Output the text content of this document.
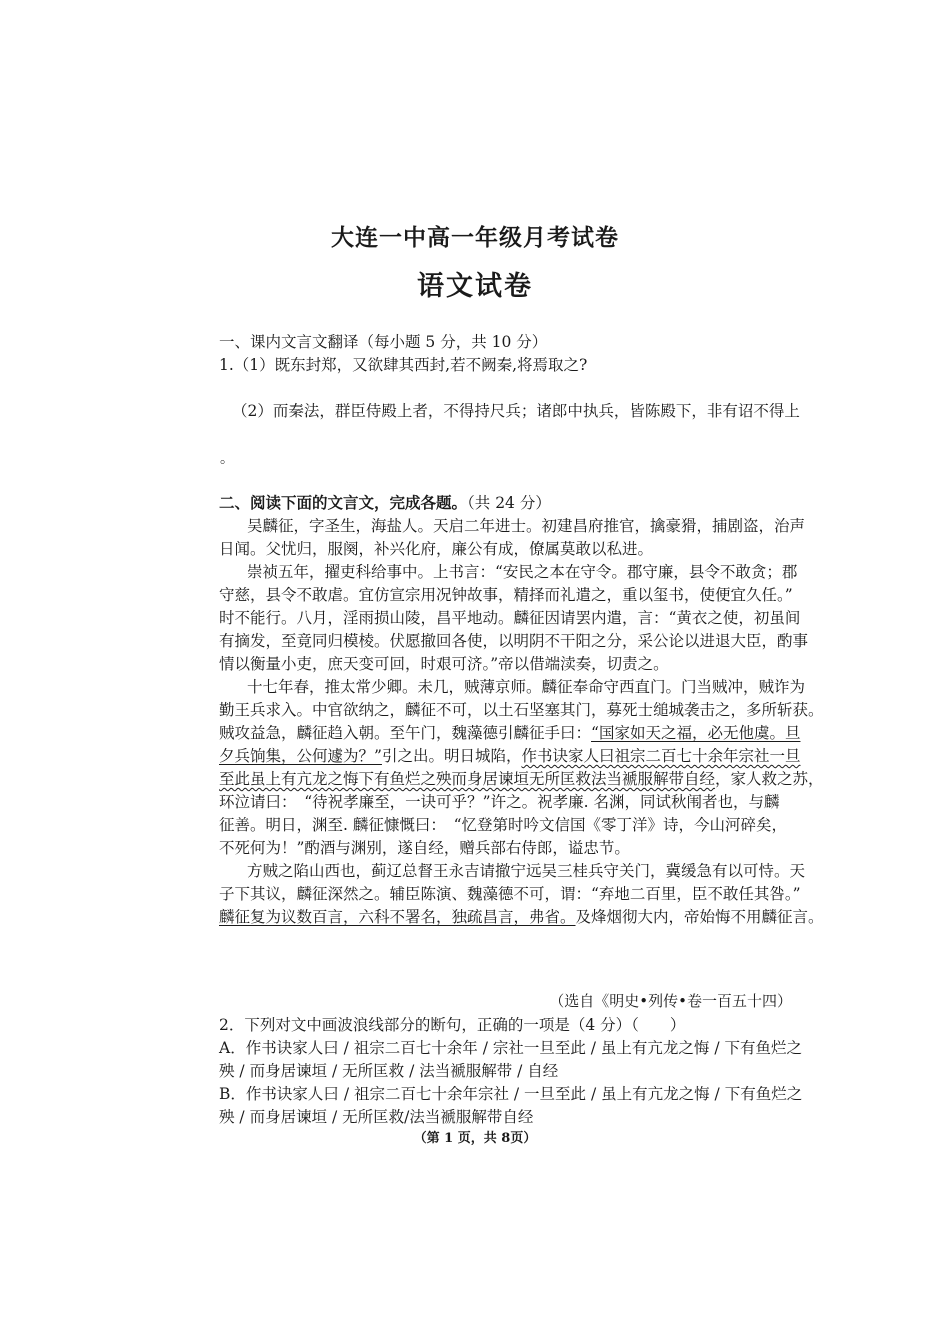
大连一中高一年级月考试卷
语文试卷
一、课内文言文翻译（每小题 5 分，共 10 分）
1.（1）既东封郑，又欲肆其西封,若不阙秦,将焉取之?
（2）而秦法，群臣侍殿上者，不得持尺兵；诸郎中执兵，皆陈殿下，非有诏不得上
。
二、阅读下面的文言文，完成各题。（共 24 分）
吴麟征，字圣生，海盐人。天启二年进士。初建昌府推官，擒豪猾，捕剧盗，治声
日闻。父忧归，服阕，补兴化府，廉公有成，僚属莫敢以私进。
崇祯五年，擢吏科给事中。上书言：“安民之本在守令。郡守廉，县令不敢贪；郡
守慈，县令不敢虐。宜仿宣宗用况钟故事，精择而礼遣之，重以玺书，使便宜久任。”
时不能行。八月，淫雨损山陵，昌平地动。麟征因请罢内遣，言：“黄衣之使，初虽间
有摘发，至竟同归模棱。伏愿撤回各使，以明阴不干阳之分，采公论以进退大臣，酌事
情以衡量小吏，庶天变可回，时艰可济。”帝以借端渎奏，切责之。
十七年春，推太常少卿。未几，贼薄京师。麟征奉命守西直门。门当贼冲，贼诈为
勤王兵求入。中官欲纳之，麟征不可，以土石坚塞其门，募死士缒城袭击之，多所斩获。
贼攻益急，麟征趋入朝。至午门，魏藻德引麟征手曰：“国家如天之福，必无他虞。旦
夕兵饷集，公何遽为？”引之出。明日城陷，作书诀家人曰祖宗二百七十余年宗社一旦
至此虽上有亢龙之悔下有鱼烂之殃而身居谏垣无所匡救法当褫服解带自经，家人救之苏，
环泣请曰：　“待祝孝廉至，一诀可乎？”许之。祝孝廉. 名渊，同试秋闱者也，与麟
征善。明日，渊至. 麟征慷慨曰：　“忆登第时吟文信国《零丁洋》诗，今山河碎矣，
不死何为！”酌酒与渊别，遂自经，赠兵部右侍郎，谥忠节。
方贼之陷山西也，蓟辽总督王永吉请撤宁远吴三桂兵守关门，冀缓急有以可恃。天
子下其议，麟征深然之。辅臣陈演、魏藻德不可，谓：“弃地二百里，臣不敢任其咎。”
麟征复为议数百言，六科不署名，独疏昌言，弗省。及烽烟彻大内，帝始悔不用麟征言。
（选自《明史•列传•卷一百五十四）
2．下列对文中画波浪线部分的断句，正确的一项是（4 分）（　　）
A．作书诀家人曰 / 祖宗二百七十余年 / 宗社一旦至此 / 虽上有亢龙之悔 / 下有鱼烂之
殃 / 而身居谏垣 / 无所匡救 / 法当褫服解带 / 自经
B．作书诀家人曰 / 祖宗二百七十余年宗社 / 一旦至此 / 虽上有亢龙之悔 / 下有鱼烂之
殃 / 而身居谏垣 / 无所匡救/法当褫服解带自经
（第 1 页，共 8页）
